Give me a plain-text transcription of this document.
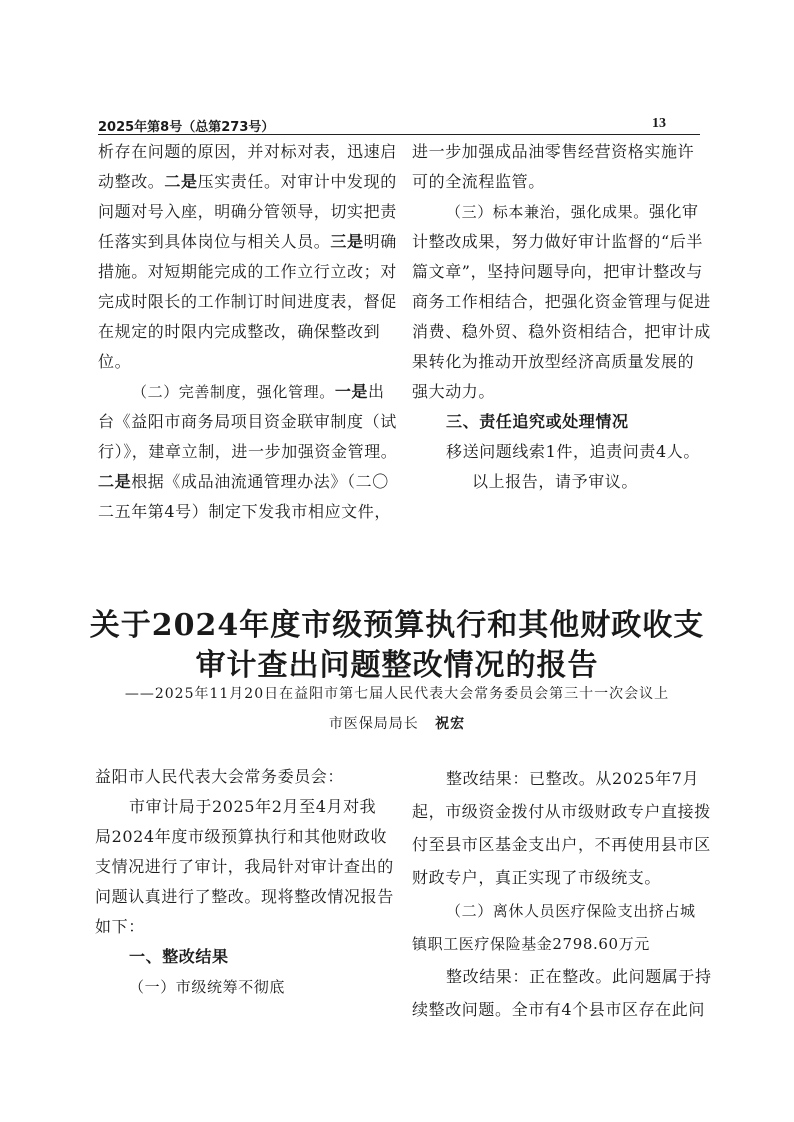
2025年第8号（总第273号）	13
析存在问题的原因，并对标对表，迅速启
动整改。二是压实责任。对审计中发现的
问题对号入座，明确分管领导，切实把责
任落实到具体岗位与相关人员。三是明确
措施。对短期能完成的工作立行立改；对
完成时限长的工作制订时间进度表，督促
在规定的时限内完成整改，确保整改到
位。
（二）完善制度，强化管理。一是出
台《益阳市商务局项目资金联审制度（试
行）》，建章立制，进一步加强资金管理。
二是根据《成品油流通管理办法》（二〇
二五年第4号）制定下发我市相应文件，
进一步加强成品油零售经营资格实施许
可的全流程监管。
（三）标本兼治，强化成果。强化审
计整改成果，努力做好审计监督的“后半
篇文章”，坚持问题导向，把审计整改与
商务工作相结合，把强化资金管理与促进
消费、稳外贸、稳外资相结合，把审计成
果转化为推动开放型经济高质量发展的
强大动力。
三、责任追究或处理情况
移送问题线索1件，追责问责4人。
以上报告，请予审议。
关于2024年度市级预算执行和其他财政收支
审计查出问题整改情况的报告
——2025年11月20日在益阳市第七届人民代表大会常务委员会第三十一次会议上
市医保局局长 祝宏
益阳市人民代表大会常务委员会：
市审计局于2025年2月至4月对我
局2024年度市级预算执行和其他财政收
支情况进行了审计，我局针对审计查出的
问题认真进行了整改。现将整改情况报告
如下：
一、整改结果
（一）市级统筹不彻底
整改结果：已整改。从2025年7月
起，市级资金拨付从市级财政专户直接拨
付至县市区基金支出户，不再使用县市区
财政专户，真正实现了市级统支。
（二）离休人员医疗保险支出挤占城
镇职工医疗保险基金2798.60万元
整改结果：正在整改。此问题属于持
续整改问题。全市有4个县市区存在此问
